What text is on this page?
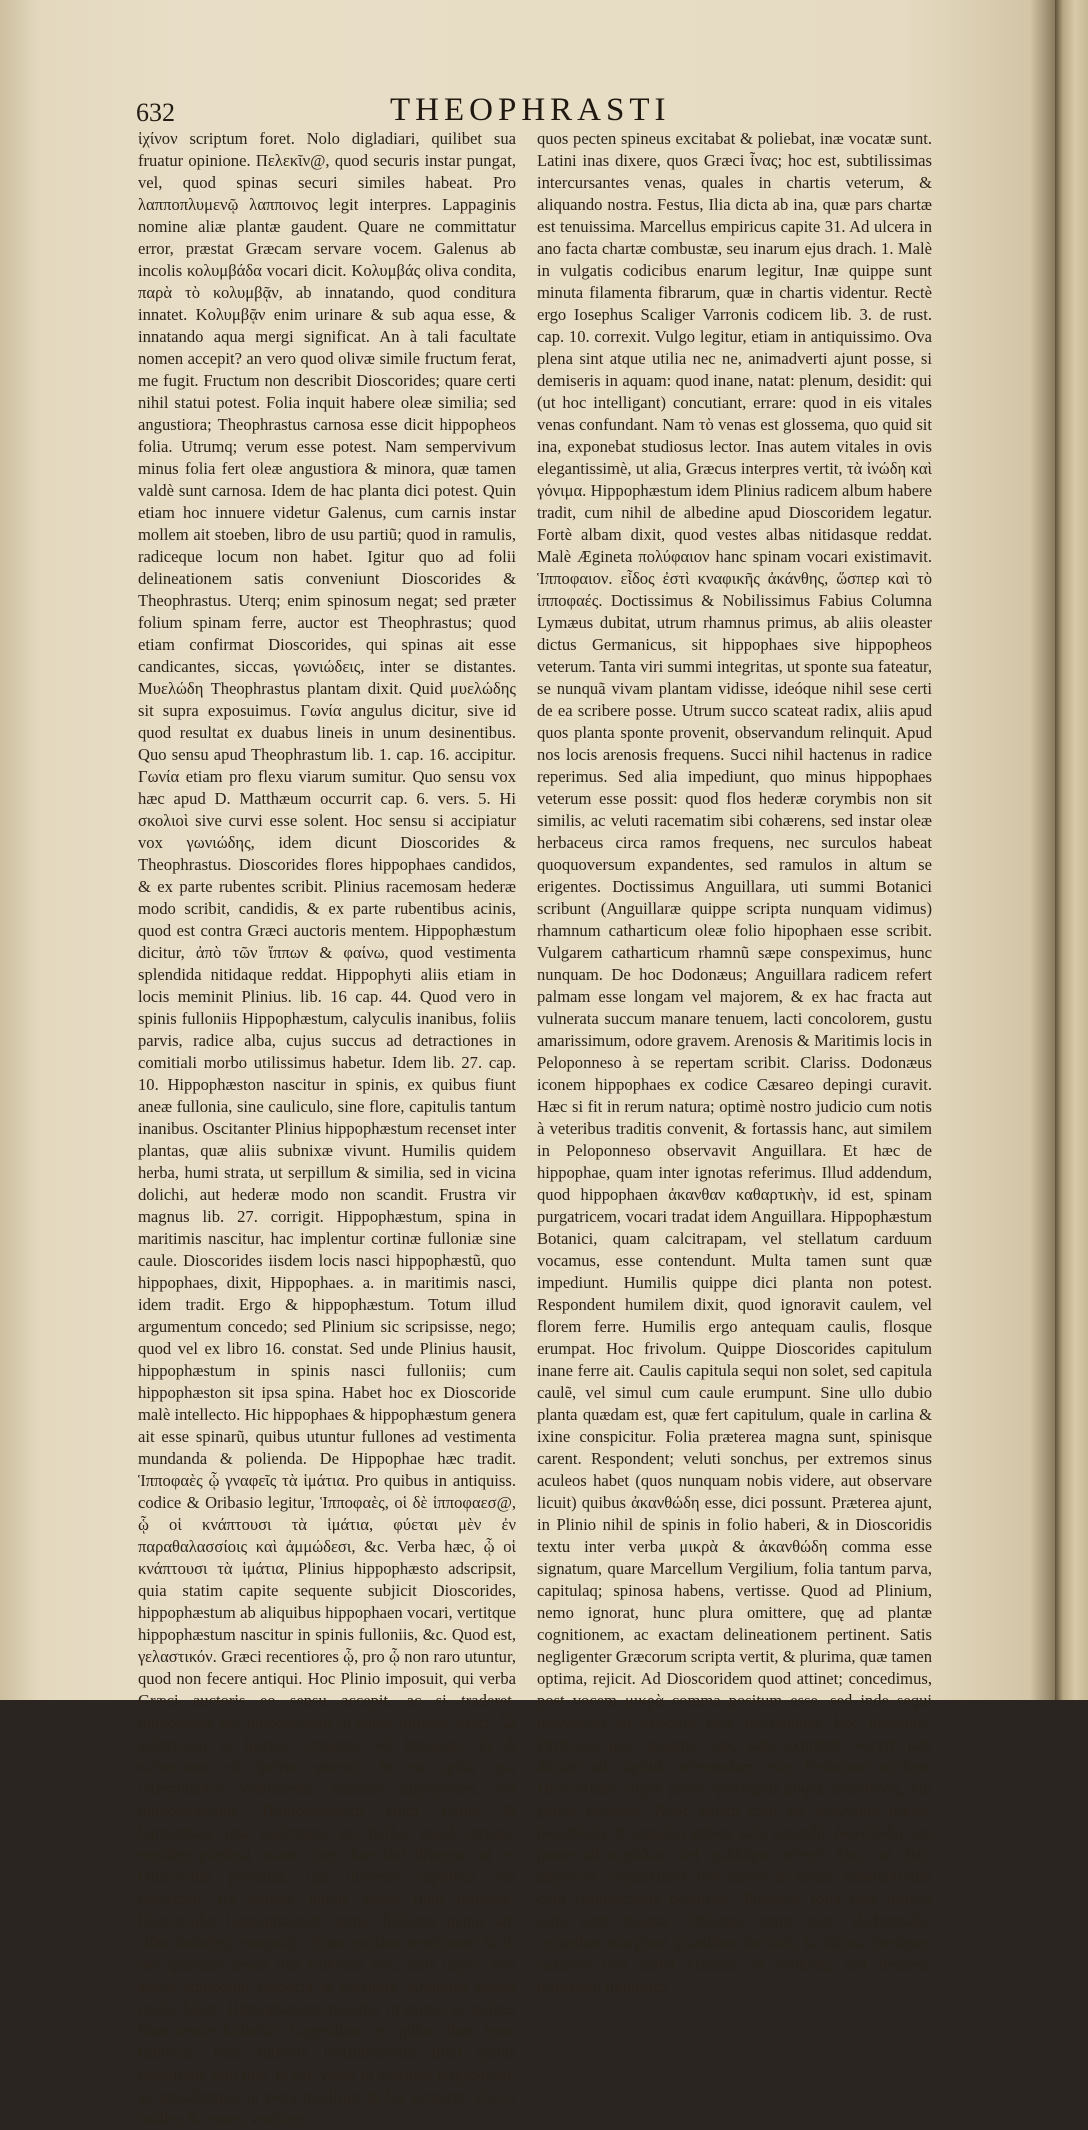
632	THEOPHRASTI

ἰχίνον scriptum foret. Nolo digladiari, quilibet sua fruatur opinione. Πελεκῖν@, quod securis instar pungat, vel, quod spinas securi similes habeat. Pro λαπποπλυμενῷ λαπποινος legit interpres. Lappaginis nomine aliæ plantæ gaudent. Quare ne committatur error, præstat Græcam servare vocem. Galenus ab incolis κολυμβάδα vocari dicit. Κολυμβάς oliva condita, παρὰ τὸ κολυμβᾷν, ab innatando, quod conditura innatet. Κολυμβᾷν enim urinare & sub aqua esse, & innatando aqua mergi significat. An à tali facultate nomen accepit? an vero quod olivæ simile fructum ferat, me fugit. Fructum non describit Dioscorides; quare certi nihil statui potest. Folia inquit habere oleæ similia; sed angustiora; Theophrastus carnosa esse dicit hippopheos folia. Utrumq; verum esse potest. Nam sempervivum minus folia fert oleæ angustiora & minora, quæ tamen valdè sunt carnosa. Idem de hac planta dici potest. Quin etiam hoc innuere videtur Galenus, cum carnis instar mollem ait stoeben, libro de usu partiũ; quod in ramulis, radiceque locum non habet. Igitur quo ad folii delineationem satis conveniunt Dioscorides & Theophrastus. Uterq; enim spinosum negat; sed præter folium spinam ferre, auctor est Theophrastus; quod etiam confirmat Dioscorides, qui spinas ait esse candicantes, siccas, γωνιώδεις, inter se distantes. Μυελώδη Theophrastus plantam dixit. Quid μυελώδης sit supra exposuimus. Γωνία angulus dicitur, sive id quod resultat ex duabus lineis in unum desinentibus. Quo sensu apud Theophrastum lib. 1. cap. 16. accipitur. Γωνία etiam pro flexu viarum sumitur. Quo sensu vox hæc apud D. Matthæum occurrit cap. 6. vers. 5. Hi σκολιοὶ sive curvi esse solent. Hoc sensu si accipiatur vox γωνιώδης, idem dicunt Dioscorides & Theophrastus. Dioscorides flores hippophaes candidos, & ex parte rubentes scribit. Plinius racemosam hederæ modo scribit, candidis, & ex parte rubentibus acinis, quod est contra Græci auctoris mentem. Hippophæstum dicitur, ἀπὸ τῶν ἵππων & φαίνω, quod vestimenta splendida nitidaque reddat. Hippophyti aliis etiam in locis meminit Plinius. lib. 16 cap. 44. Quod vero in spinis fulloniis Hippophæstum, calyculis inanibus, foliis parvis, radice alba, cujus succus ad detractiones in comitiali morbo utilissimus habetur. Idem lib. 27. cap. 10. Hippophæston nascitur in spinis, ex quibus fiunt aneæ fullonia, sine cauliculo, sine flore, capitulis tantum inanibus. Oscitanter Plinius hippophæstum recenset inter plantas, quæ aliis subnixæ vivunt. Humilis quidem herba, humi strata, ut serpillum & similia, sed in vicina dolichi, aut hederæ modo non scandit. Frustra vir magnus lib. 27. corrigit. Hippophæstum, spina in maritimis nascitur, hac implentur cortinæ fulloniæ sine caule. Dioscorides iisdem locis nasci hippophæstũ, quo hippophaes, dixit, Hippophaes. a. in maritimis nasci, idem tradit. Ergo & hippophæstum. Totum illud argumentum concedo; sed Plinium sic scripsisse, nego; quod vel ex libro 16. constat. Sed unde Plinius hausit, hippophæstum in spinis nasci fulloniis; cum hippophæston sit ipsa spina. Habet hoc ex Dioscoride malè intellecto. Hic hippophaes & hippophæstum genera ait esse spinarũ, quibus utuntur fullones ad vestimenta mundanda & polienda. De Hippophae hæc tradit. Ἱπποφαὲς ᾧ γναφεῖς τὰ ἱμάτια. Pro quibus in antiquiss. codice & Oribasio legitur, Ἱπποφαὲς, οἱ δὲ ἱπποφαεσ@, ᾧ οἱ κνάπτουσι τὰ ἱμάτια, φύεται μὲν ἐν παραθαλασσίοις καὶ ἀμμώδεσι, &c. Verba hæc, ᾧ οἱ κνάπτουσι τὰ ἱμάτια, Plinius hippophæsto adscripsit, quia statim capite sequente subjicit Dioscorides, hippophæstum ab aliquibus hippophaen vocari, vertitque hippophæstum nascitur in spinis fulloniis, &c. Quod est, γελαστικόν. Græci recentiores ᾧ, pro ᾧ non raro utuntur, quod non fecere antiqui. Hoc Plinio imposuit, qui verba Græci auctoris eo sensu accepit, ac si traderet, hippophaes vel hippophæstũ in spina fullonia nasci. Ὧ κνάπτουσι τὰ ἱμάτια. ἱπποφαὲς vel ἱπποφαεσ ἐν ᾧ κνάπτουσι τὰ ἱμάτια φύεται, In ea spina qua interpolantur vestimenta, nascitur hippophaes, vel hippophæstum. Hippophæstum enim Plinio & hippophaes una eademque est herba, quod utraque eundem præbeat usum: cum duæ sint diversæ, ut ex Dioscoride probatur, qui diversis capitibus eas descripsit. Ex quibus, inquit, æneæ fiunt fulloniæ: Dioscorides hippophæstum spinæ fulloniæ genus ait, εἶδος ἀκάνθης κναφικῆς. Æneæ nullam mentionem facit, nec quænam æneæ illæ fulloniæ sint, satis capio. Vox æneæ admodum suspecta & corrupta. Antiquus noster codex habet. Hippophæston nascitur in spinis, ex quibus fiunt æneæ fulloniæ. Legendum, ex quibus fiunt ineæ fulloniæ. Inea fullonis instrumentum illud spinis constitum, quo inæ, id est, venæ in vestibus erigebantur, ac tenuabantur, ut pexa mollities in his surgeret. Flocci molles & tenues vestium,

quos pecten spineus excitabat & poliebat, inæ vocatæ sunt. Latini inas dixere, quos Græci ἶνας; hoc est, subtilissimas intercursantes venas, quales in chartis veterum, & aliquando nostra. Festus, Ilia dicta ab ina, quæ pars chartæ est tenuissima. Marcellus empiricus capite 31. Ad ulcera in ano facta chartæ combustæ, seu inarum ejus drach. 1. Malè in vulgatis codicibus enarum legitur, Inæ quippe sunt minuta filamenta fibrarum, quæ in chartis videntur. Rectè ergo Iosephus Scaliger Varronis codicem lib. 3. de rust. cap. 10. correxit. Vulgo legitur, etiam in antiquissimo. Ova plena sint atque utilia nec ne, animadverti ajunt posse, si demiseris in aquam: quod inane, natat: plenum, desidit: qui (ut hoc intelligant) concutiant, errare: quod in eis vitales venas confundant. Nam τὸ venas est glossema, quo quid sit ina, exponebat studiosus lector. Inas autem vitales in ovis elegantissimè, ut alia, Græcus interpres vertit, τὰ ἰνώδη καὶ γόνιμα. Hippophæstum idem Plinius radicem album habere tradit, cum nihil de albedine apud Dioscoridem legatur. Fortè albam dixit, quod vestes albas nitidasque reddat. Malè Ægineta πολύφαιον hanc spinam vocari existimavit. Ἱπποφαιον. εἶδος ἐστὶ κναφικῆς ἀκάνθης, ὥσπερ καὶ τὸ ἱπποφαές. Doctissimus & Nobilissimus Fabius Columna Lymæus dubitat, utrum rhamnus primus, ab aliis oleaster dictus Germanicus, sit hippophaes sive hippopheos veterum. Tanta viri summi integritas, ut sponte sua fateatur, se nunquã vivam plantam vidisse, ideóque nihil sese certi de ea scribere posse. Utrum succo scateat radix, aliis apud quos planta sponte provenit, observandum relinquit. Apud nos locis arenosis frequens. Succi nihil hactenus in radice reperimus. Sed alia impediunt, quo minus hippophaes veterum esse possit: quod flos hederæ corymbis non sit similis, ac veluti racematim sibi cohærens, sed instar oleæ herbaceus circa ramos frequens, nec surculos habeat quoquoversum expandentes, sed ramulos in altum se erigentes. Doctissimus Anguillara, uti summi Botanici scribunt (Anguillaræ quippe scripta nunquam vidimus) rhamnum catharticum oleæ folio hipophaen esse scribit. Vulgarem catharticum rhamnũ sæpe conspeximus, hunc nunquam. De hoc Dodonæus; Anguillara radicem refert palmam esse longam vel majorem, & ex hac fracta aut vulnerata succum manare tenuem, lacti concolorem, gustu amarissimum, odore gravem. Arenosis & Maritimis locis in Peloponneso à se repertam scribit. Clariss. Dodonæus iconem hippophaes ex codice Cæsareo depingi curavit. Hæc si fit in rerum natura; optimè nostro judicio cum notis à veteribus traditis convenit, & fortassis hanc, aut similem in Peloponneso observavit Anguillara. Et hæc de hippophae, quam inter ignotas referimus. Illud addendum, quod hippophaen ἀκανθαν καθαρτικὴν, id est, spinam purgatricem, vocari tradat idem Anguillara. Hippophæstum Botanici, quam calcitrapam, vel stellatum carduum vocamus, esse contendunt. Multa tamen sunt quæ impediunt. Humilis quippe dici planta non potest. Respondent humilem dixit, quod ignoravit caulem, vel florem ferre. Humilis ergo antequam caulis, flosque erumpat. Hoc frivolum. Quippe Dioscorides capitulum inane ferre ait. Caulis capitula sequi non solet, sed capitula caulẽ, vel simul cum caule erumpunt. Sine ullo dubio planta quædam est, quæ fert capitulum, quale in carlina & ixine conspicitur. Folia præterea magna sunt, spinisque carent. Respondent; veluti sonchus, per extremos sinus aculeos habet (quos nunquam nobis videre, aut observare licuit) quibus ἀκανθώδη esse, dici possunt. Præterea ajunt, in Plinio nihil de spinis in folio haberi, & in Dioscoridis textu inter verba μικρὰ & ἀκανθώδη comma esse signatum, quare Marcellum Vergilium, folia tantum parva, capitulaq; spinosa habens, vertisse. Quod ad Plinium, nemo ignorat, hunc plura omittere, quę ad plantæ cognitionem, ac exactam delineationem pertinent. Satis negligenter Græcorum scripta vertit, & plurima, quæ tamen optima, rejicit. Ad Dioscoridem quod attinet; concedimus, post vocem μικρὰ comma positum esse, sed inde sequi ἀκανθώδη ad κεφάλια esse referendum, hoc negamus. Particula, quæ sequitur, καὶ, satis exprimit, vocem jam dictam ad capitula referendam esse. Debuisset scribere Dioscorides, ἴσχον μόνον φυλλάρια μικρὰ, ἀκανθώδη, καὶ χαῦνα κεφάλια. Nunc autem cum ait, φυλλάρια μικρὰ, ἀκανθώδη, & κεφάλια χαῦνα, satis ostendit, ἀκανθώδη non posse ad κεφάλια, sed φυλλάρια referri. Duo, ut dixi, adjectiva conjunxisset, non autem in medio substantivum cum conjunctione posuisset. Præterea folia quæ profert satis sunt magna. Oblonga enim sunt, dodrantalia, secundum margines grandibus incisuris laciniosa. Denique, radicem non habet crassam & mollem, sed tenuem, prolixam, lignosam
